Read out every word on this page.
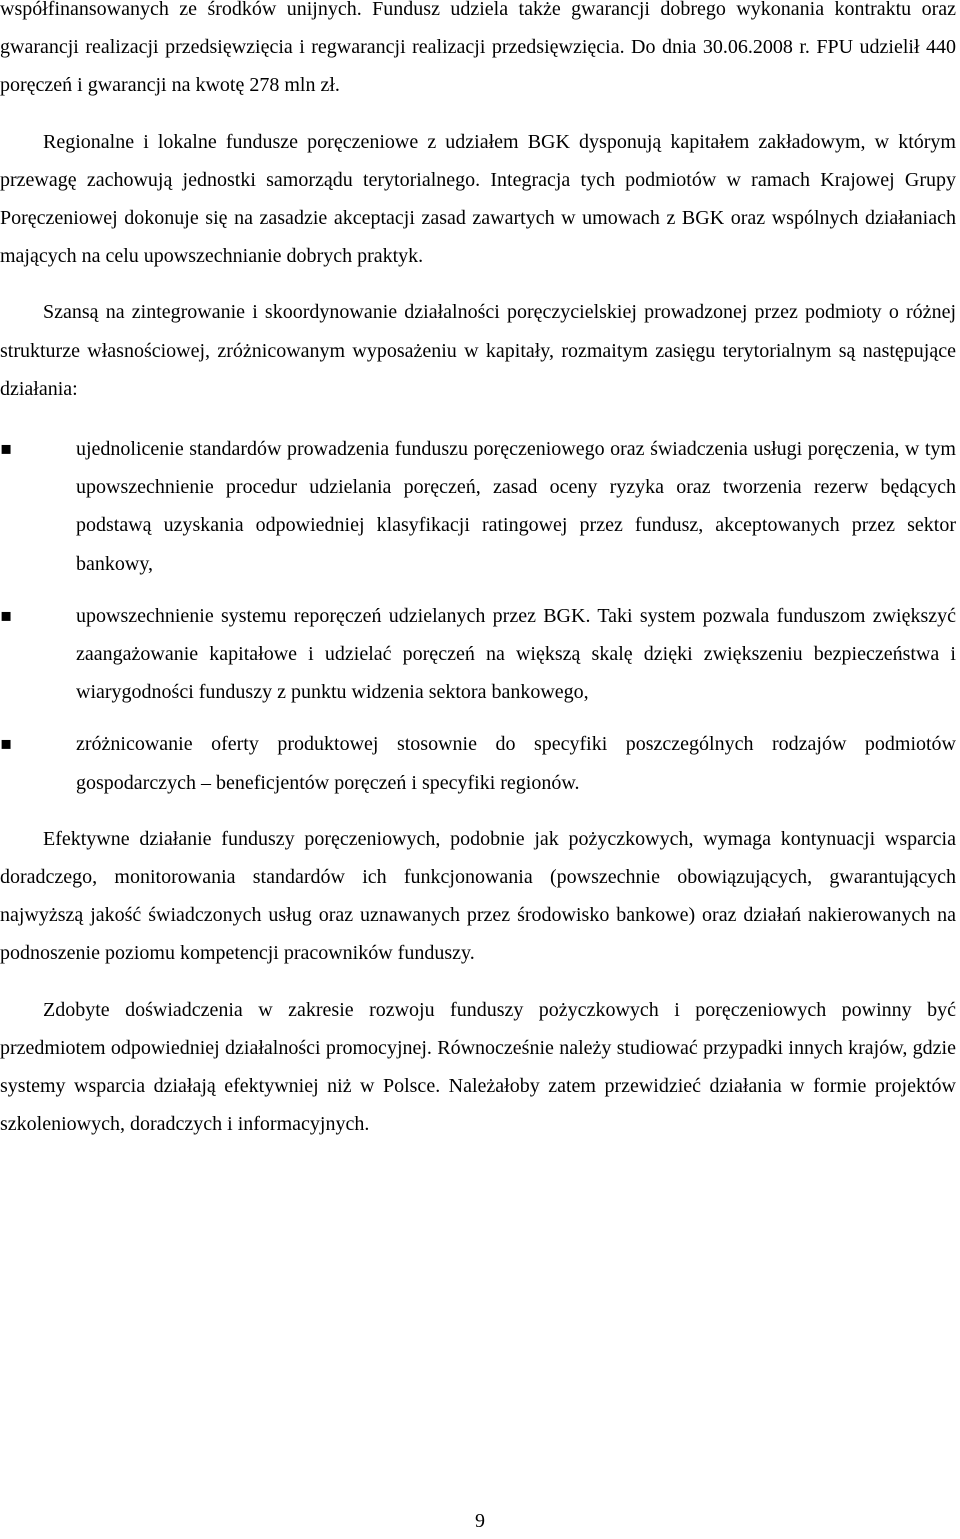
współfinansowanych ze środków unijnych. Fundusz udziela także gwarancji dobrego wykonania kontraktu oraz gwarancji realizacji przedsięwzięcia i regwarancji realizacji przedsięwzięcia. Do dnia 30.06.2008 r. FPU udzielił 440 poręczeń i gwarancji na kwotę 278 mln zł.

Regionalne i lokalne fundusze poręczeniowe z udziałem BGK dysponują kapitałem zakładowym, w którym przewagę zachowują jednostki samorządu terytorialnego. Integracja tych podmiotów w ramach Krajowej Grupy Poręczeniowej dokonuje się na zasadzie akceptacji zasad zawartych w umowach z BGK oraz wspólnych działaniach mających na celu upowszechnianie dobrych praktyk.

Szansą na zintegrowanie i skoordynowanie działalności poręczycielskiej prowadzonej przez podmioty o różnej strukturze własnościowej, zróżnicowanym wyposażeniu w kapitały, rozmaitym zasięgu terytorialnym są następujące działania:

▪	ujednolicenie standardów prowadzenia funduszu poręczeniowego oraz świadczenia usługi poręczenia, w tym upowszechnienie procedur udzielania poręczeń, zasad oceny ryzyka oraz tworzenia rezerw będących podstawą uzyskania odpowiedniej klasyfikacji ratingowej przez fundusz, akceptowanych przez sektor bankowy,
▪	upowszechnienie systemu reporęczeń udzielanych przez BGK. Taki system pozwala funduszom zwiększyć zaangażowanie kapitałowe i udzielać poręczeń na większą skalę dzięki zwiększeniu bezpieczeństwa i wiarygodności funduszy z punktu widzenia sektora bankowego,
▪	zróżnicowanie oferty produktowej stosownie do specyfiki poszczególnych rodzajów podmiotów gospodarczych – beneficjentów poręczeń i specyfiki regionów.

Efektywne działanie funduszy poręczeniowych, podobnie jak pożyczkowych, wymaga kontynuacji wsparcia doradczego, monitorowania standardów ich funkcjonowania (powszechnie obowiązujących, gwarantujących najwyższą jakość świadczonych usług oraz uznawanych przez środowisko bankowe) oraz działań nakierowanych na podnoszenie poziomu kompetencji pracowników funduszy.

Zdobyte doświadczenia w zakresie rozwoju funduszy pożyczkowych i poręczeniowych powinny być przedmiotem odpowiedniej działalności promocyjnej. Równocześnie należy studiować przypadki innych krajów, gdzie systemy wsparcia działają efektywniej niż w Polsce. Należałoby zatem przewidzieć działania w formie projektów szkoleniowych, doradczych i informacyjnych.

9
